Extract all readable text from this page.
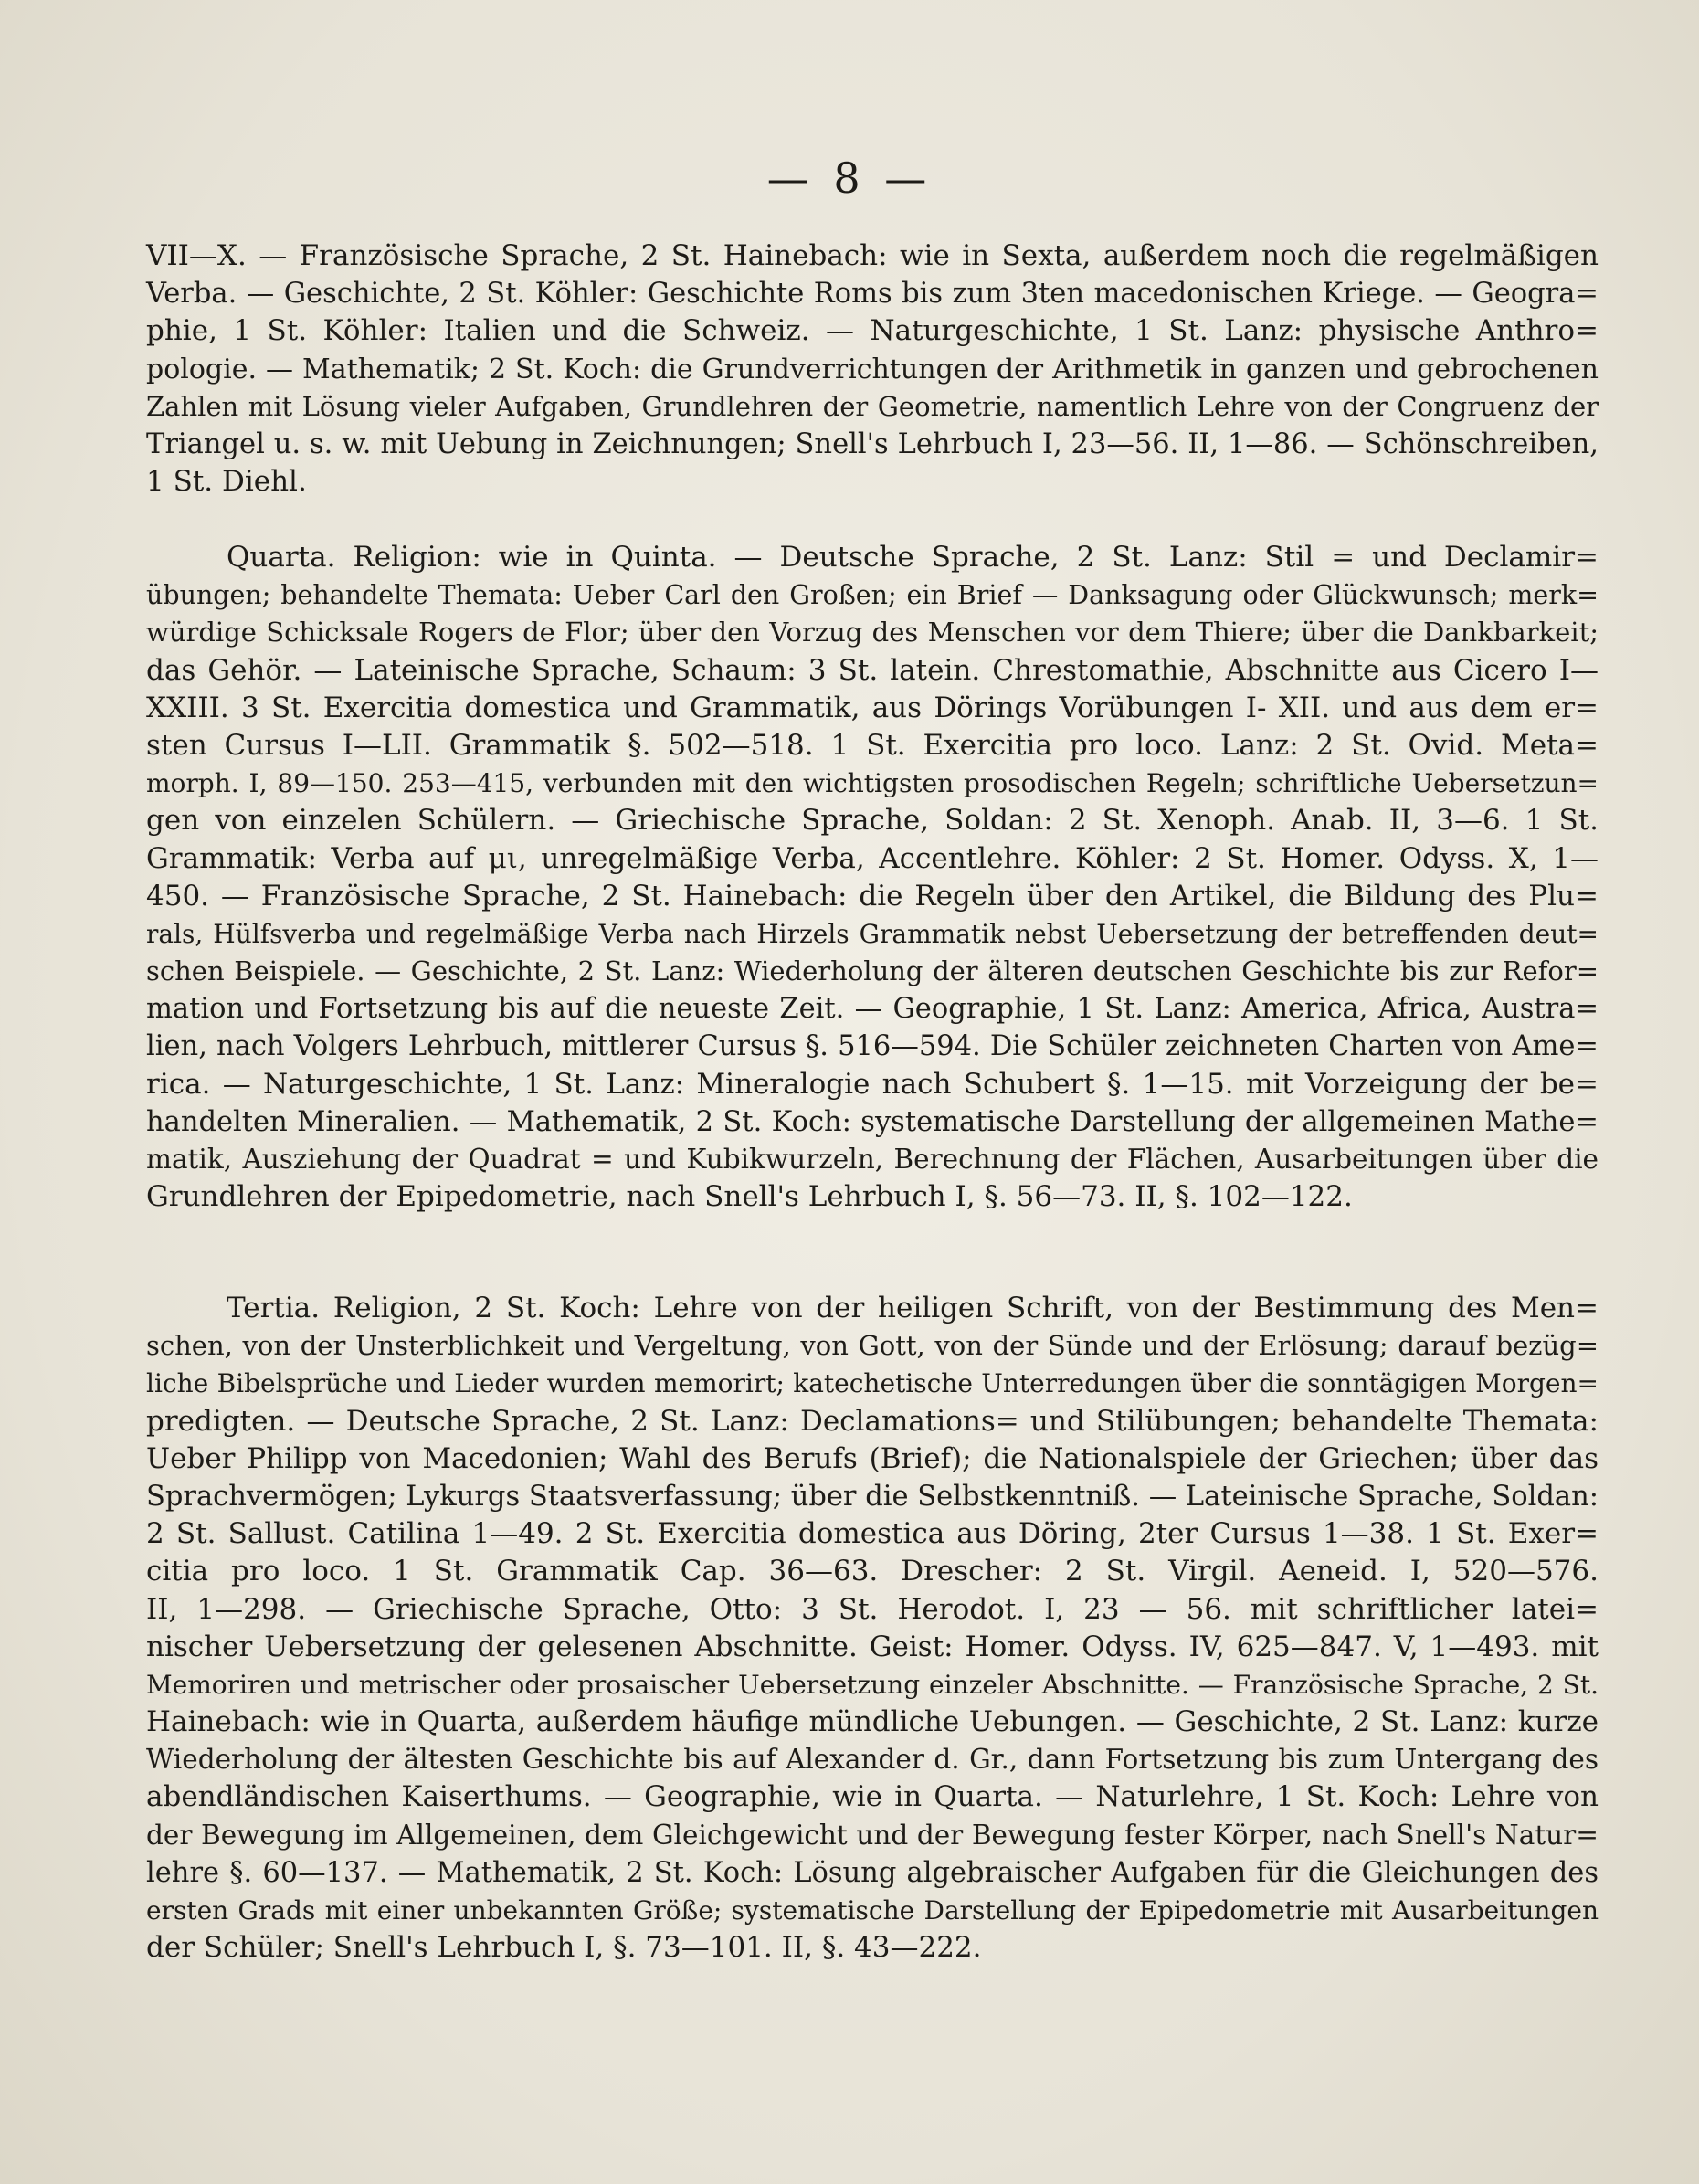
— 8 —
VII—X. — Französische Sprache, 2 St. Hainebach: wie in Sexta, außerdem noch die regelmäßigen
Verba. — Geschichte, 2 St. Köhler: Geschichte Roms bis zum 3ten macedonischen Kriege. — Geogra=
phie, 1 St. Köhler: Italien und die Schweiz. — Naturgeschichte, 1 St. Lanz: physische Anthro=
pologie. — Mathematik; 2 St. Koch: die Grundverrichtungen der Arithmetik in ganzen und gebrochenen
Zahlen mit Lösung vieler Aufgaben, Grundlehren der Geometrie, namentlich Lehre von der Congruenz der
Triangel u. s. w. mit Uebung in Zeichnungen; Snell's Lehrbuch I, 23—56. II, 1—86. — Schönschreiben,
1 St. Diehl.
Quarta. Religion: wie in Quinta. — Deutsche Sprache, 2 St. Lanz: Stil = und Declamir=
übungen; behandelte Themata: Ueber Carl den Großen; ein Brief — Danksagung oder Glückwunsch; merk=
würdige Schicksale Rogers de Flor; über den Vorzug des Menschen vor dem Thiere; über die Dankbarkeit;
das Gehör. — Lateinische Sprache, Schaum: 3 St. latein. Chrestomathie, Abschnitte aus Cicero I—
XXIII. 3 St. Exercitia domestica und Grammatik, aus Dörings Vorübungen I- XII. und aus dem er=
sten Cursus I—LII. Grammatik §. 502—518. 1 St. Exercitia pro loco. Lanz: 2 St. Ovid. Meta=
morph. I, 89—150. 253—415, verbunden mit den wichtigsten prosodischen Regeln; schriftliche Uebersetzun=
gen von einzelen Schülern. — Griechische Sprache, Soldan: 2 St. Xenoph. Anab. II, 3—6. 1 St.
Grammatik: Verba auf μι, unregelmäßige Verba, Accentlehre. Köhler: 2 St. Homer. Odyss. X, 1—
450. — Französische Sprache, 2 St. Hainebach: die Regeln über den Artikel, die Bildung des Plu=
rals, Hülfsverba und regelmäßige Verba nach Hirzels Grammatik nebst Uebersetzung der betreffenden deut=
schen Beispiele. — Geschichte, 2 St. Lanz: Wiederholung der älteren deutschen Geschichte bis zur Refor=
mation und Fortsetzung bis auf die neueste Zeit. — Geographie, 1 St. Lanz: America, Africa, Austra=
lien, nach Volgers Lehrbuch, mittlerer Cursus §. 516—594. Die Schüler zeichneten Charten von Ame=
rica. — Naturgeschichte, 1 St. Lanz: Mineralogie nach Schubert §. 1—15. mit Vorzeigung der be=
handelten Mineralien. — Mathematik, 2 St. Koch: systematische Darstellung der allgemeinen Mathe=
matik, Ausziehung der Quadrat = und Kubikwurzeln, Berechnung der Flächen, Ausarbeitungen über die
Grundlehren der Epipedometrie, nach Snell's Lehrbuch I, §. 56—73. II, §. 102—122.
Tertia. Religion, 2 St. Koch: Lehre von der heiligen Schrift, von der Bestimmung des Men=
schen, von der Unsterblichkeit und Vergeltung, von Gott, von der Sünde und der Erlösung; darauf bezüg=
liche Bibelsprüche und Lieder wurden memorirt; katechetische Unterredungen über die sonntägigen Morgen=
predigten. — Deutsche Sprache, 2 St. Lanz: Declamations= und Stilübungen; behandelte Themata:
Ueber Philipp von Macedonien; Wahl des Berufs (Brief); die Nationalspiele der Griechen; über das
Sprachvermögen; Lykurgs Staatsverfassung; über die Selbstkenntniß. — Lateinische Sprache, Soldan:
2 St. Sallust. Catilina 1—49. 2 St. Exercitia domestica aus Döring, 2ter Cursus 1—38. 1 St. Exer=
citia pro loco. 1 St. Grammatik Cap. 36—63. Drescher: 2 St. Virgil. Aeneid. I, 520—576.
II, 1—298. — Griechische Sprache, Otto: 3 St. Herodot. I, 23 — 56. mit schriftlicher latei=
nischer Uebersetzung der gelesenen Abschnitte. Geist: Homer. Odyss. IV, 625—847. V, 1—493. mit
Memoriren und metrischer oder prosaischer Uebersetzung einzeler Abschnitte. — Französische Sprache, 2 St.
Hainebach: wie in Quarta, außerdem häufige mündliche Uebungen. — Geschichte, 2 St. Lanz: kurze
Wiederholung der ältesten Geschichte bis auf Alexander d. Gr., dann Fortsetzung bis zum Untergang des
abendländischen Kaiserthums. — Geographie, wie in Quarta. — Naturlehre, 1 St. Koch: Lehre von
der Bewegung im Allgemeinen, dem Gleichgewicht und der Bewegung fester Körper, nach Snell's Natur=
lehre §. 60—137. — Mathematik, 2 St. Koch: Lösung algebraischer Aufgaben für die Gleichungen des
ersten Grads mit einer unbekannten Größe; systematische Darstellung der Epipedometrie mit Ausarbeitungen
der Schüler; Snell's Lehrbuch I, §. 73—101. II, §. 43—222.
